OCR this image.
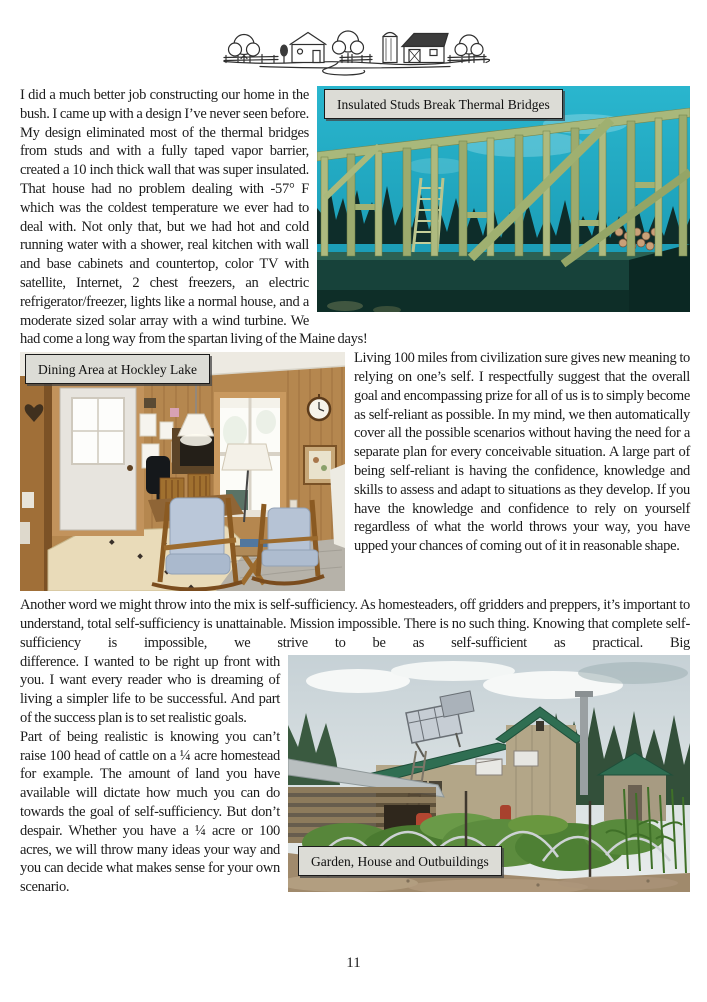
Insulated Studs Break Thermal Bridges
I did a much better job constructing our home in the bush. I came up with a design I’ve never seen before. My design eliminated most of the thermal bridges from studs and with a fully taped vapor barrier, created a 10 inch thick wall that was super insulated. That house had no problem dealing with -57° F which was the coldest temperature we ever had to deal with. Not only that, but we had hot and cold running water with a shower, real kitchen with wall and base cabinets and countertop, color TV with satellite, Internet, 2 chest freezers, an electric refrigerator/freezer, lights like a normal house, and a moderate sized solar array with a wind turbine. We had come a long way from the spartan living of the Maine days!

Dining Area at Hockley Lake

Living 100 miles from civilization sure gives new meaning to relying on one’s self. I respectfully suggest that the overall goal and encompassing prize for all of us is to simply become as self-reliant as possible. In my mind, we then automatically cover all the possible scenarios without having the need for a separate plan for every conceivable situation. A large part of being self-reliant is having the confidence, knowledge and skills to assess and adapt to situations as they develop. If you have the knowledge and confidence to rely on yourself regardless of what the world throws your way, you have upped your chances of coming out of it in reasonable shape.

Another word we might throw into the mix is self-sufficiency. As homesteaders, off gridders and preppers, it’s important to understand, total self-sufficiency is unattainable. Mission impossible. There is no such thing. Knowing that complete self-sufficiency is impossible, we strive to be as self-sufficient as practical. Big

Garden, House and Outbuildings

difference. I wanted to be right up front with you. I want every reader who is dreaming of living a simpler life to be successful. And part of the success plan is to set realistic goals.

Part of being realistic is knowing you can’t raise 100 head of cattle on a ¼ acre homestead for example. The amount of land you have available will dictate how much you can do towards the goal of self-sufficiency. But don’t despair. Whether you have a ¼ acre or 100 acres, we will throw many ideas your way and you can decide what makes sense for your own scenario.

11
